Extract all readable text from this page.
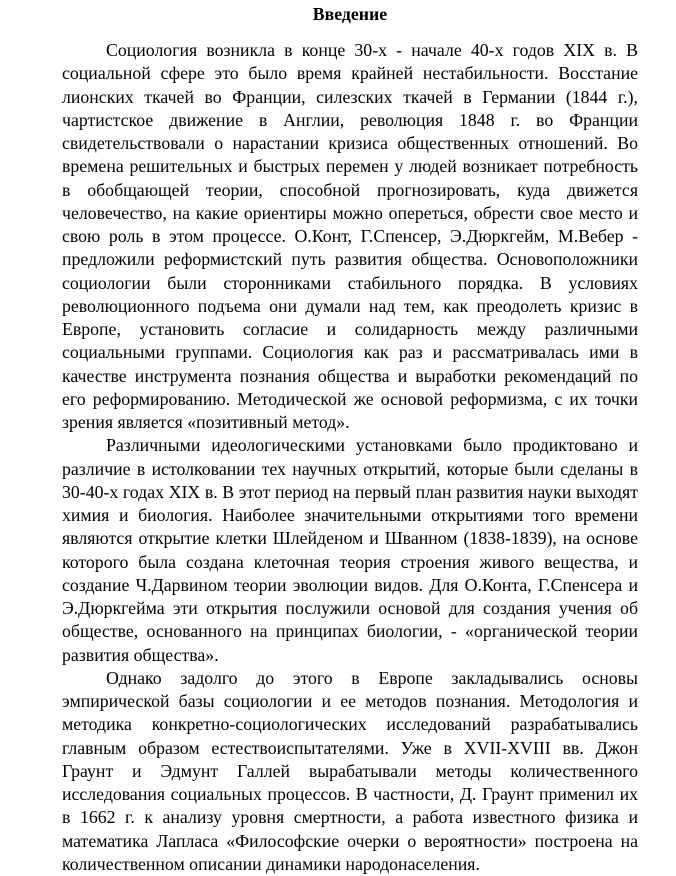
Введение

Социология возникла в конце 30-х - начале 40-х годов XIX в. В социальной сфере это было время крайней нестабильности. Восстание лионских ткачей во Франции, силезских ткачей в Германии (1844 г.), чартистское движение в Англии, революция 1848 г. во Франции свидетельствовали о нарастании кризиса общественных отношений. Во времена решительных и быстрых перемен у людей возникает потребность в обобщающей теории, способной прогнозировать, куда движется человечество, на какие ориентиры можно опереться, обрести свое место и свою роль в этом процессе. О.Конт, Г.Спенсер, Э.Дюркгейм, М.Вебер - предложили реформистский путь развития общества. Основоположники социологии были сторонниками стабильного порядка. В условиях революционного подъема они думали над тем, как преодолеть кризис в Европе, установить согласие и солидарность между различными социальными группами. Социология как раз и рассматривалась ими в качестве инструмента познания общества и выработки рекомендаций по его реформированию. Методической же основой реформизма, с их точки зрения является «позитивный метод».

Различными идеологическими установками было продиктовано и различие в истолковании тех научных открытий, которые были сделаны в 30-40-х годах XIX в. В этот период на первый план развития науки выходят химия и биология. Наиболее значительными открытиями того времени являются открытие клетки Шлейденом и Шванном (1838-1839), на основе которого была создана клеточная теория строения живого вещества, и создание Ч.Дарвином теории эволюции видов. Для О.Конта, Г.Спенсера и Э.Дюркгейма эти открытия послужили основой для создания учения об обществе, основанного на принципах биологии, - «органической теории развития общества».

Однако задолго до этого в Европе закладывались основы эмпирической базы социологии и ее методов познания. Методология и методика конкретно-социологических исследований разрабатывались главным образом естествоиспытателями. Уже в XVII-XVIII вв. Джон Граунт и Эдмунт Галлей вырабатывали методы количественного исследования социальных процессов. В частности, Д. Граунт применил их в 1662 г. к анализу уровня смертности, а работа известного физика и математика Лапласа «Философские очерки о вероятности» построена на количественном описании динамики народонаселения.
